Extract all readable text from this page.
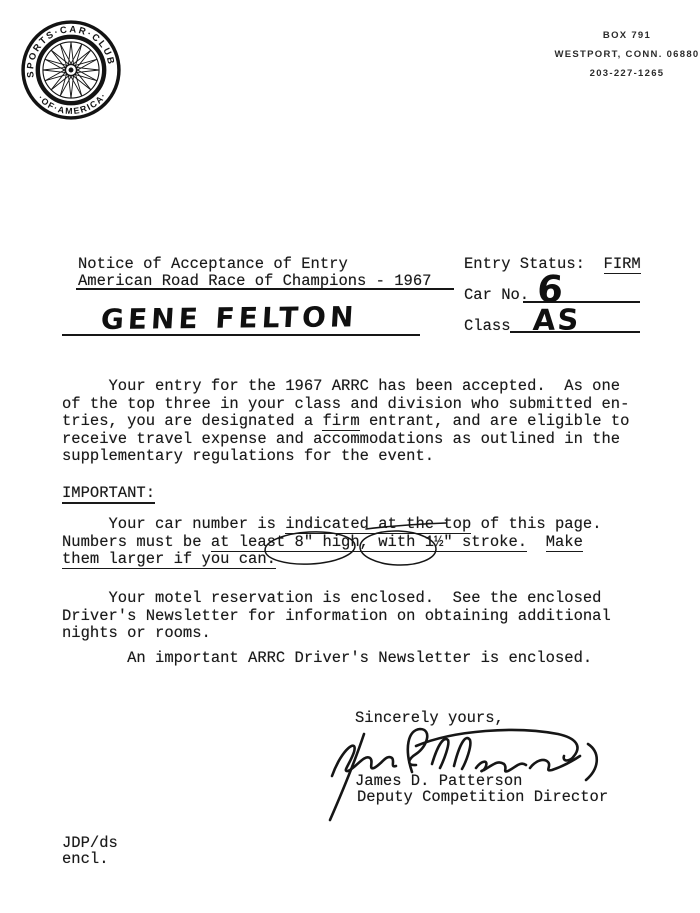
SPORTS·CAR·CLUB
·OF·AMERICA·
BOX 791
WESTPORT, CONN. 06880
203-227-1265
Notice of Acceptance of Entry
American Road Race of Champions - 1967
Entry Status:  FIRM
Car No. 6
Class AS
GENE FELTON
Your entry for the 1967 ARRC has been accepted.  As one
of the top three in your class and division who submitted en-
tries, you are designated a firm entrant, and are eligible to
receive travel expense and accommodations as outlined in the
supplementary regulations for the event.
IMPORTANT:
Your car number is indicated at the top of this page.
Numbers must be at least 8" high, with 1½" stroke. Make
them larger if you can.
Your motel reservation is enclosed.  See the enclosed
Driver's Newsletter for information on obtaining additional
nights or rooms.
An important ARRC Driver's Newsletter is enclosed.
Sincerely yours,
James D. Patterson
Deputy Competition Director
JDP/ds
encl.
